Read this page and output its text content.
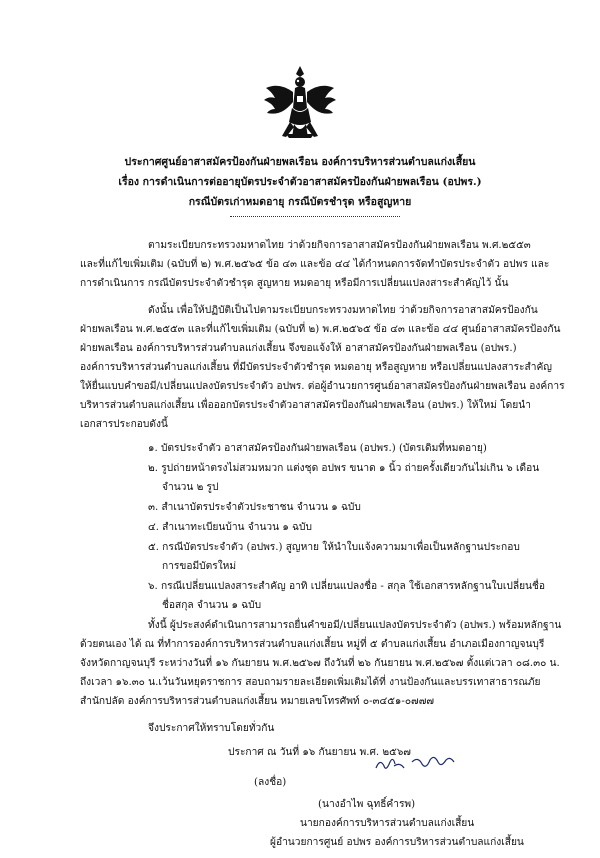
ประกาศศูนย์อาสาสมัครป้องกันฝ่ายพลเรือน องค์การบริหารส่วนตำบลแก่งเสี้ยน
เรื่อง การดำเนินการต่ออายุบัตรประจำตัวอาสาสมัครป้องกันฝ่ายพลเรือน (อปพร.)
กรณีบัตรเก่าหมดอายุ กรณีบัตรชำรุด หรือสูญหาย
ตามระเบียบกระทรวงมหาดไทย ว่าด้วยกิจการอาสาสมัครป้องกันฝ่ายพลเรือน พ.ศ.๒๕๕๓
และที่แก้ไขเพิ่มเติม (ฉบับที่ ๒) พ.ศ.๒๕๖๕ ข้อ ๔๓ และข้อ ๔๔ ได้กำหนดการจัดทำบัตรประจำตัว อปพร และ
การดำเนินการ กรณีบัตรประจำตัวชำรุด สูญหาย หมดอายุ หรือมีการเปลี่ยนแปลงสาระสำคัญไว้ นั้น
ดังนั้น เพื่อให้ปฏิบัติเป็นไปตามระเบียบกระทรวงมหาดไทย ว่าด้วยกิจการอาสาสมัครป้องกัน
ฝ่ายพลเรือน พ.ศ.๒๕๕๓ และที่แก้ไขเพิ่มเติม (ฉบับที่ ๒) พ.ศ.๒๕๖๕ ข้อ ๔๓ และข้อ ๔๔ ศูนย์อาสาสมัครป้องกัน
ฝ่ายพลเรือน องค์การบริหารส่วนตำบลแก่งเสี้ยน จึงขอแจ้งให้ อาสาสมัครป้องกันฝ่ายพลเรือน (อปพร.)
องค์การบริหารส่วนตำบลแก่งเสี้ยน ที่มีบัตรประจำตัวชำรุด หมดอายุ หรือสูญหาย หรือเปลี่ยนแปลงสาระสำคัญ
ให้ยื่นแบบคำขอมี/เปลี่ยนแปลงบัตรประจำตัว อปพร. ต่อผู้อำนวยการศูนย์อาสาสมัครป้องกันฝ่ายพลเรือน องค์การ
บริหารส่วนตำบลแก่งเสี้ยน เพื่อออกบัตรประจำตัวอาสาสมัครป้องกันฝ่ายพลเรือน (อปพร.) ให้ใหม่ โดยนำ
เอกสารประกอบดังนี้
๑. บัตรประจำตัว อาสาสมัครป้องกันฝ่ายพลเรือน (อปพร.) (บัตรเดิมที่หมดอายุ)
๒. รูปถ่ายหน้าตรงไม่สวมหมวก แต่งชุด อปพร ขนาด ๑ นิ้ว ถ่ายครั้งเดียวกันไม่เกิน ๖ เดือน
จำนวน ๒ รูป
๓. สำเนาบัตรประจำตัวประชาชน จำนวน ๑ ฉบับ
๔. สำเนาทะเบียนบ้าน จำนวน ๑ ฉบับ
๕. กรณีบัตรประจำตัว (อปพร.) สูญหาย ให้นำใบแจ้งความมาเพื่อเป็นหลักฐานประกอบ
การขอมีบัตรใหม่
๖. กรณีเปลี่ยนแปลงสาระสำคัญ อาทิ เปลี่ยนแปลงชื่อ - สกุล ใช้เอกสารหลักฐานใบเปลี่ยนชื่อ
ชื่อสกุล จำนวน ๑ ฉบับ
ทั้งนี้ ผู้ประสงค์ดำเนินการสามารถยื่นคำขอมี/เปลี่ยนแปลงบัตรประจำตัว (อปพร.) พร้อมหลักฐาน
ด้วยตนเอง ได้ ณ ที่ทำการองค์การบริหารส่วนตำบลแก่งเสี้ยน หมู่ที่ ๕ ตำบลแก่งเสี้ยน อำเภอเมืองกาญจนบุรี
จังหวัดกาญจนบุรี ระหว่างวันที่ ๑๖ กันยายน พ.ศ.๒๕๖๗ ถึงวันที่ ๒๖ กันยายน พ.ศ.๒๕๖๗ ตั้งแต่เวลา ๐๘.๓๐ น.
ถึงเวลา ๑๖.๓๐ น.เว้นวันหยุดราชการ สอบถามรายละเอียดเพิ่มเติมได้ที่ งานป้องกันและบรรเทาสาธารณภัย
สำนักปลัด องค์การบริหารส่วนตำบลแก่งเสี้ยน หมายเลขโทรศัพท์ ๐-๓๔๕๑-๐๗๗๗
จึงประกาศให้ทราบโดยทั่วกัน
ประกาศ ณ วันที่ ๑๖ กันยายน พ.ศ. ๒๕๖๗
(ลงชื่อ)
(นางอำไพ ฉุทธิ์คำรพ)
นายกองค์การบริหารส่วนตำบลแก่งเสี้ยน
ผู้อำนวยการศูนย์ อปพร องค์การบริหารส่วนตำบลแก่งเสี้ยน
